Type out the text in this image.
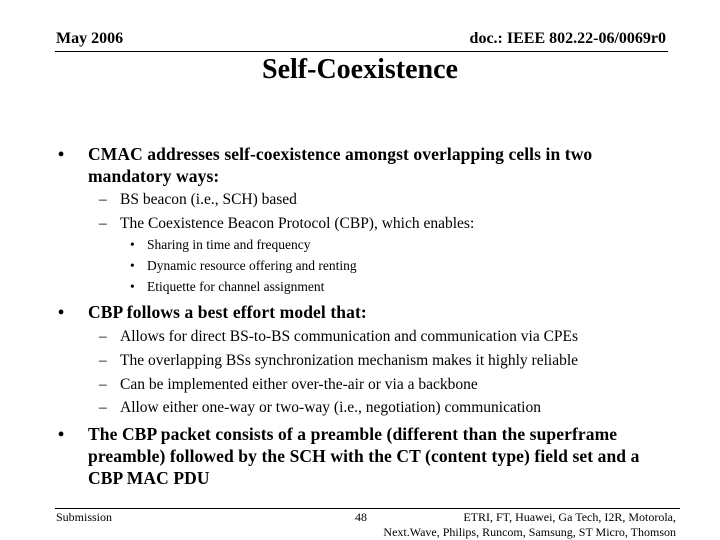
May 2006	doc.: IEEE 802.22-06/0069r0
Self-Coexistence
• CMAC addresses self-coexistence amongst overlapping cells in two mandatory ways:
– BS beacon (i.e., SCH) based
– The Coexistence Beacon Protocol (CBP), which enables:
• Sharing in time and frequency
• Dynamic resource offering and renting
• Etiquette for channel assignment
• CBP follows a best effort model that:
– Allows for direct BS-to-BS communication and communication via CPEs
– The overlapping BSs synchronization mechanism makes it highly reliable
– Can be implemented either over-the-air or via a backbone
– Allow either one-way or two-way (i.e., negotiation) communication
• The CBP packet consists of a preamble (different than the superframe preamble) followed by the SCH with the CT (content type) field set and a CBP MAC PDU
Submission	48	ETRI, FT, Huawei, Ga Tech, I2R, Motorola,
Next.Wave, Philips, Runcom, Samsung, ST Micro, Thomson
